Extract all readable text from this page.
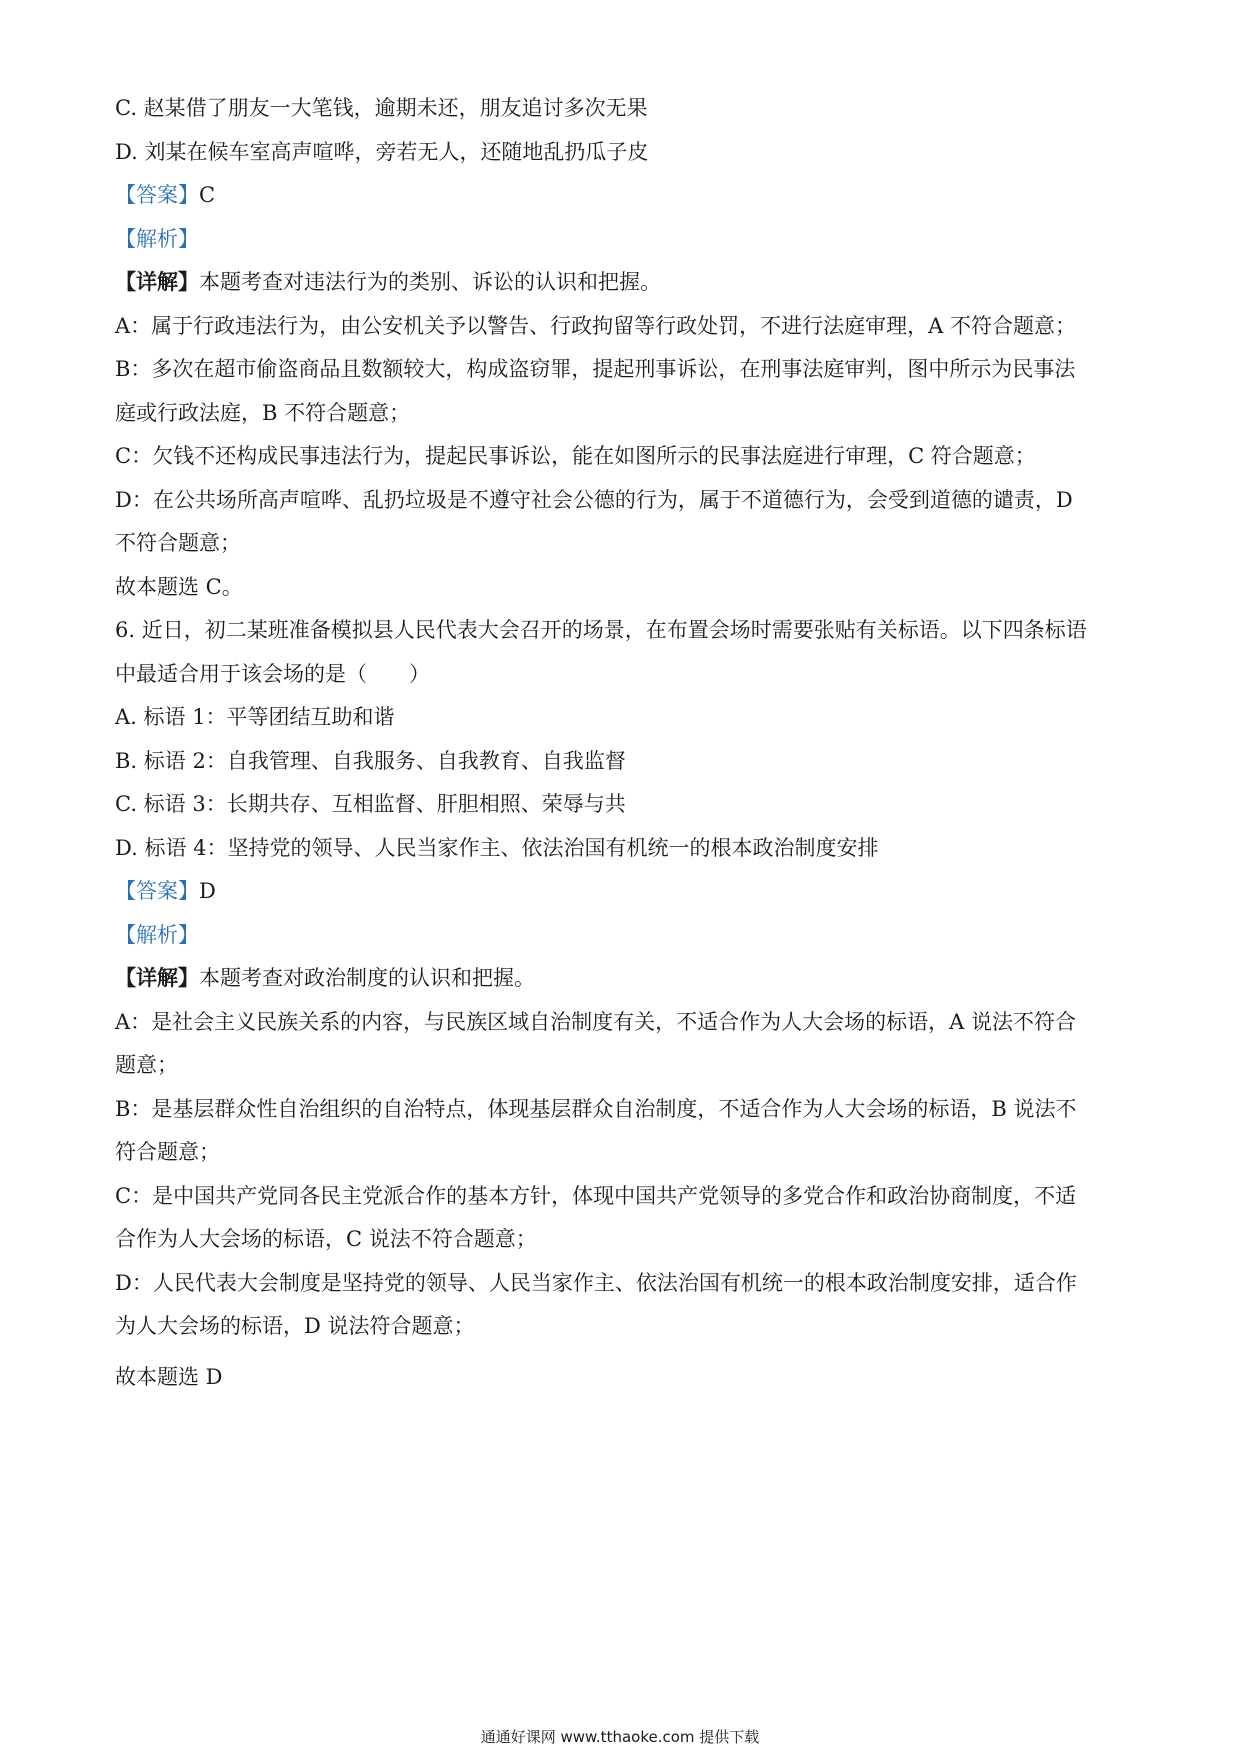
C. 赵某借了朋友一大笔钱，逾期未还，朋友追讨多次无果
D. 刘某在候车室高声喧哗，旁若无人，还随地乱扔瓜子皮
【答案】C
【解析】
【详解】本题考查对违法行为的类别、诉讼的认识和把握。
A：属于行政违法行为，由公安机关予以警告、行政拘留等行政处罚，不进行法庭审理，A 不符合题意；
B：多次在超市偷盗商品且数额较大，构成盗窃罪，提起刑事诉讼，在刑事法庭审判，图中所示为民事法
庭或行政法庭，B 不符合题意；
C：欠钱不还构成民事违法行为，提起民事诉讼，能在如图所示的民事法庭进行审理，C 符合题意；
D：在公共场所高声喧哗、乱扔垃圾是不遵守社会公德的行为，属于不道德行为，会受到道德的谴责，D
不符合题意；
故本题选 C。
6. 近日，初二某班准备模拟县人民代表大会召开的场景，在布置会场时需要张贴有关标语。以下四条标语
中最适合用于该会场的是（　　）
A. 标语 1：平等团结互助和谐
B. 标语 2：自我管理、自我服务、自我教育、自我监督
C. 标语 3：长期共存、互相监督、肝胆相照、荣辱与共
D. 标语 4：坚持党的领导、人民当家作主、依法治国有机统一的根本政治制度安排
【答案】D
【解析】
【详解】本题考查对政治制度的认识和把握。
A：是社会主义民族关系的内容，与民族区域自治制度有关，不适合作为人大会场的标语，A 说法不符合
题意；
B：是基层群众性自治组织的自治特点，体现基层群众自治制度，不适合作为人大会场的标语，B 说法不
符合题意；
C：是中国共产党同各民主党派合作的基本方针，体现中国共产党领导的多党合作和政治协商制度，不适
合作为人大会场的标语，C 说法不符合题意；
D：人民代表大会制度是坚持党的领导、人民当家作主、依法治国有机统一的根本政治制度安排，适合作
为人大会场的标语，D 说法符合题意；
故本题选 D
通通好课网 www.tthaoke.com 提供下载
